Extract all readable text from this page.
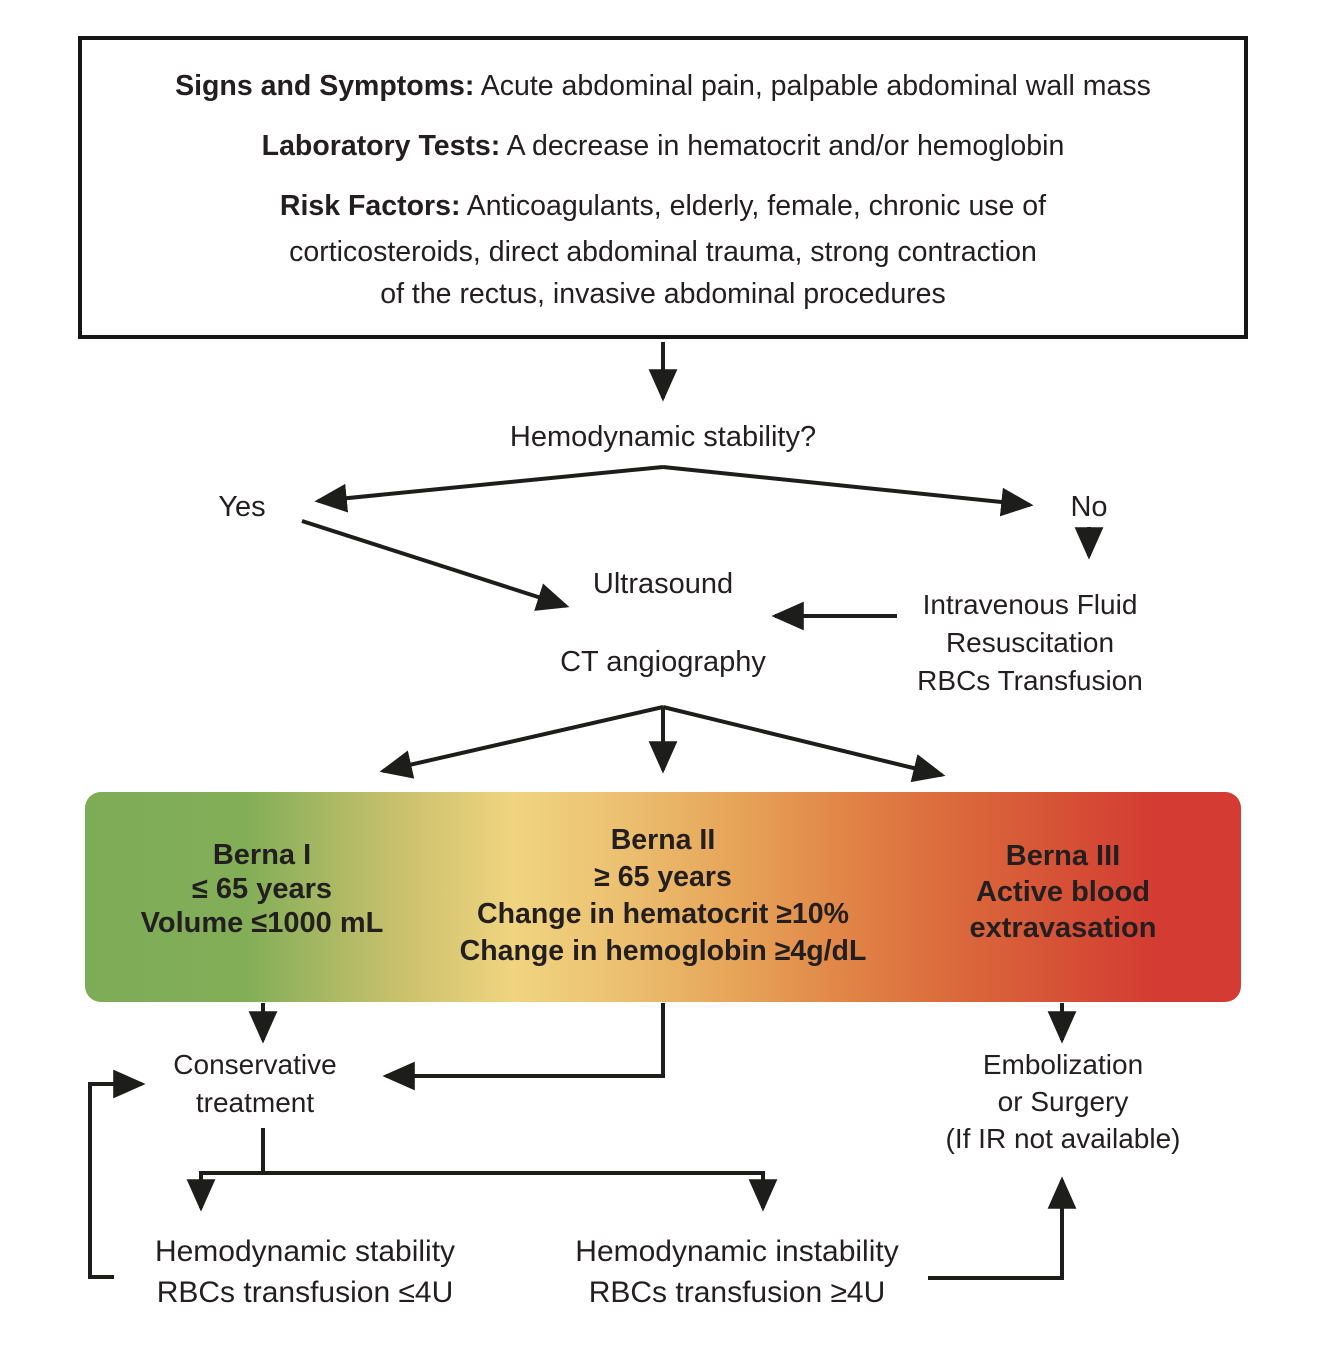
Signs and Symptoms: Acute abdominal pain, palpable abdominal wall mass
Laboratory Tests: A decrease in hematocrit and/or hemoglobin
Risk Factors: Anticoagulants, elderly, female, chronic use of
corticosteroids, direct abdominal trauma, strong contraction
of the rectus, invasive abdominal procedures
Hemodynamic stability?
Yes	No
Ultrasound
CT angiography
Intravenous Fluid
Resuscitation
RBCs Transfusion
Berna I
≤ 65 years
Volume ≤1000 mL
Berna II
≥ 65 years
Change in hematocrit ≥10%
Change in hemoglobin ≥4g/dL
Berna III
Active blood
extravasation
Conservative
treatment
Embolization
or Surgery
(If IR not available)
Hemodynamic stability
RBCs transfusion ≤4U
Hemodynamic instability
RBCs transfusion ≥4U
